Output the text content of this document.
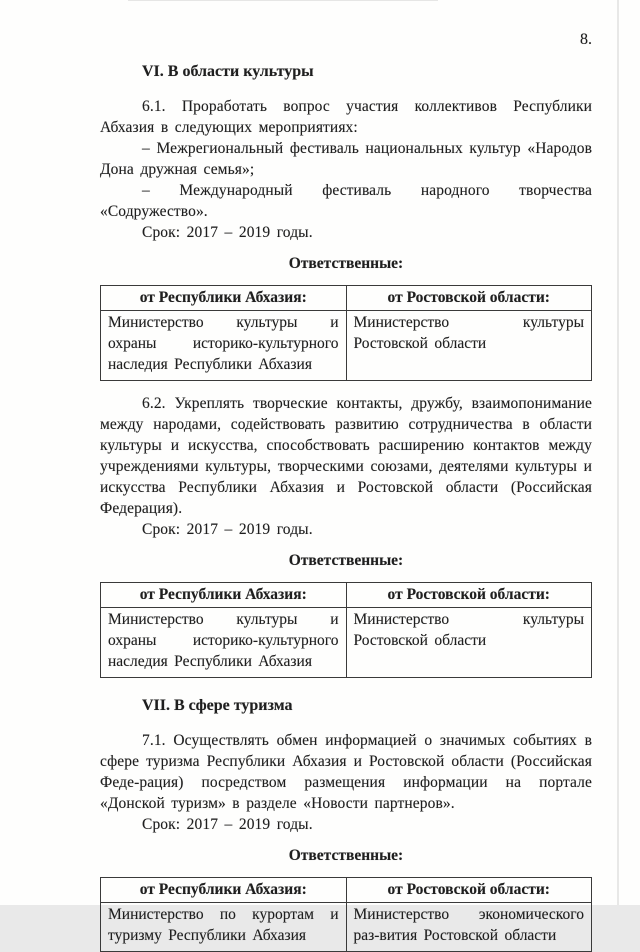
8.
VI. В области культуры

6.1. Проработать вопрос участия коллективов Республики Абхазия в следующих мероприятиях:

– Межрегиональный фестиваль национальных культур «Народов Дона дружная семья»;

– Международный фестиваль народного творчества «Содружество».

Срок: 2017 – 2019 годы.

Ответственные:
от Республики Абхазия:	от Ростовской области:
Министерство культуры и охраны историко-культурного наследия Республики Абхазия	Министерство культуры Ростовской области

6.2. Укреплять творческие контакты, дружбу, взаимопонимание между народами, содействовать развитию сотрудничества в области культуры и искусства, способствовать расширению контактов между учреждениями культуры, творческими союзами, деятелями культуры и искусства Республики Абхазия и Ростовской области (Российская Федерация).

Срок: 2017 – 2019 годы.

Ответственные:
от Республики Абхазия:	от Ростовской области:
Министерство культуры и охраны историко-культурного наследия Республики Абхазия	Министерство культуры Ростовской области
VII. В сфере туризма

7.1. Осуществлять обмен информацией о значимых событиях в сфере туризма Республики Абхазия и Ростовской области (Российская Феде-рация) посредством размещения информации на портале «Донской туризм» в разделе «Новости партнеров».

Срок: 2017 – 2019 годы.

Ответственные:
от Республики Абхазия:	от Ростовской области:
Министерство по курортам и туризму Республики Абхазия	Министерство экономического раз-вития Ростовской области
